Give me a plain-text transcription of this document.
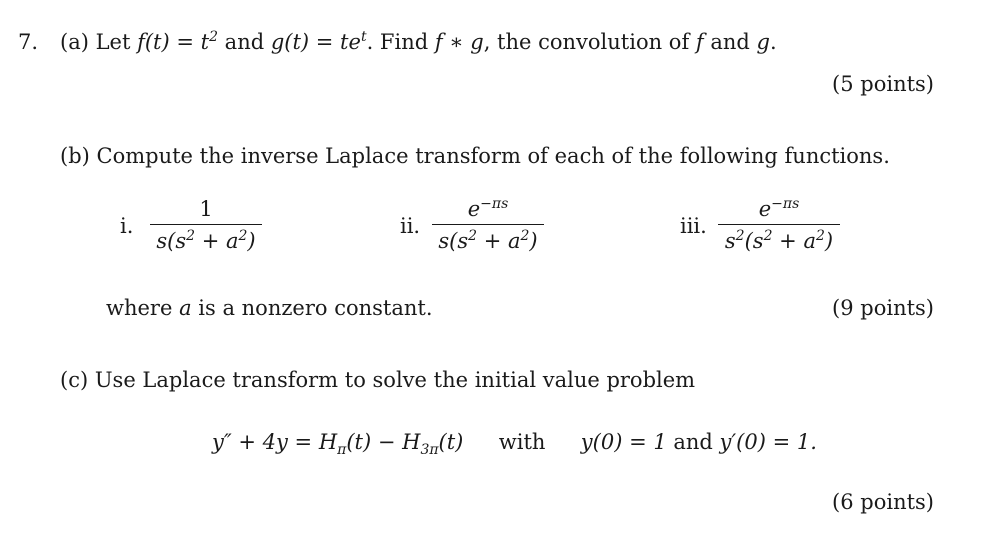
7. (a) Let $f(t) = t^2$ and $g(t) = te^t$. Find f ∗ g, the convolution of f and g.
(5 points)
(b) Compute the inverse Laplace transform of each of the following functions.
i.
1
$s(s^2 + a^2)$
ii.
$e^{-\pi s}$
$s(s^2 + a^2)$
iii.
$e^{-\pi s}$
$s^2(s^2 + a^2)$
where a is a nonzero constant.	(9 points)
(c) Use Laplace transform to solve the initial value problem
$y'' + 4y = H_\pi(t) - H_{3\pi}(t)$ with y(0) = 1 and y′(0) = 1.
(6 points)
